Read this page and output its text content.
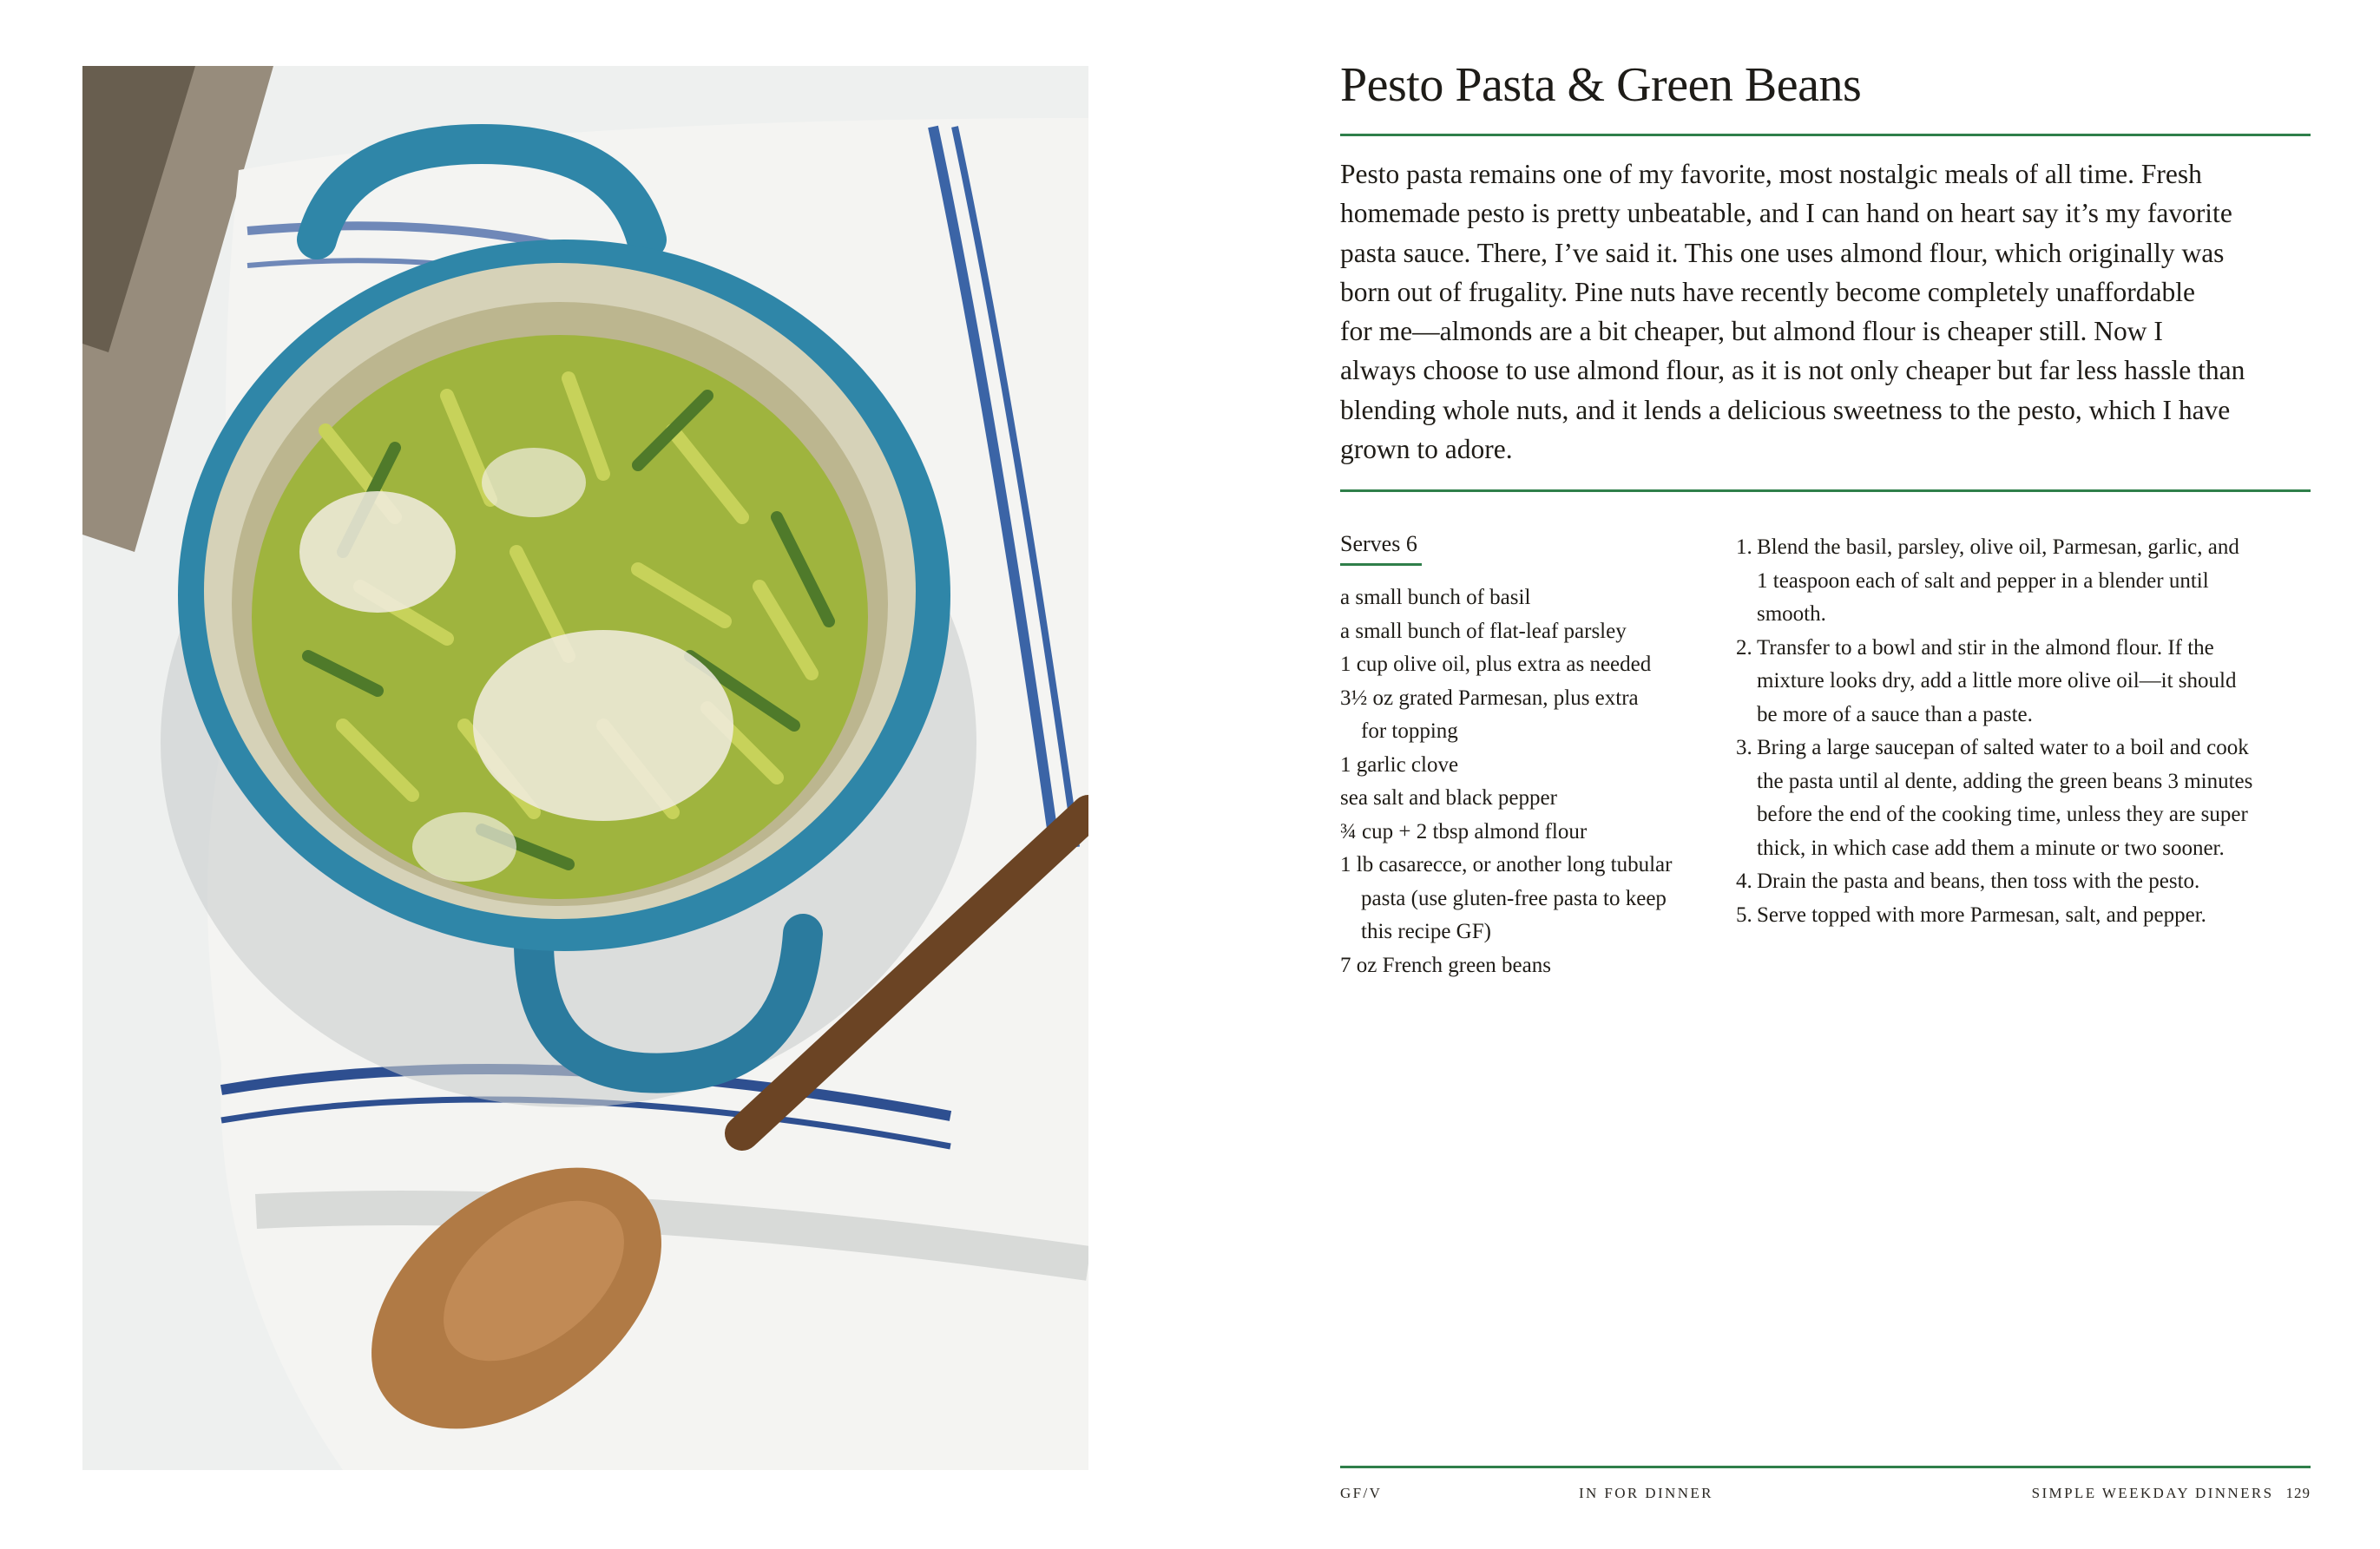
Pesto Pasta & Green Beans
Pesto pasta remains one of my favorite, most nostalgic meals of all time. Fresh
homemade pesto is pretty unbeatable, and I can hand on heart say it’s my favorite
pasta sauce. There, I’ve said it. This one uses almond flour, which originally was
born out of frugality. Pine nuts have recently become completely unaffordable
for me—almonds are a bit cheaper, but almond flour is cheaper still. Now I
always choose to use almond flour, as it is not only cheaper but far less hassle than
blending whole nuts, and it lends a delicious sweetness to the pesto, which I have
grown to adore.
Serves 6
a small bunch of basil
a small bunch of flat-leaf parsley
1 cup olive oil, plus extra as needed
3½ oz grated Parmesan, plus extra
for topping
1 garlic clove
sea salt and black pepper
¾ cup + 2 tbsp almond flour
1 lb casarecce, or another long tubular
pasta (use gluten-free pasta to keep
this recipe GF)
7 oz French green beans
1. Blend the basil, parsley, olive oil, Parmesan, garlic, and
1 teaspoon each of salt and pepper in a blender until
smooth.
2. Transfer to a bowl and stir in the almond flour. If the
mixture looks dry, add a little more olive oil—it should
be more of a sauce than a paste.
3. Bring a large saucepan of salted water to a boil and cook
the pasta until al dente, adding the green beans 3 minutes
before the end of the cooking time, unless they are super
thick, in which case add them a minute or two sooner.
4. Drain the pasta and beans, then toss with the pesto.
5. Serve topped with more Parmesan, salt, and pepper.
GF/V	IN FOR DINNER	SIMPLE WEEKDAY DINNERS 129
